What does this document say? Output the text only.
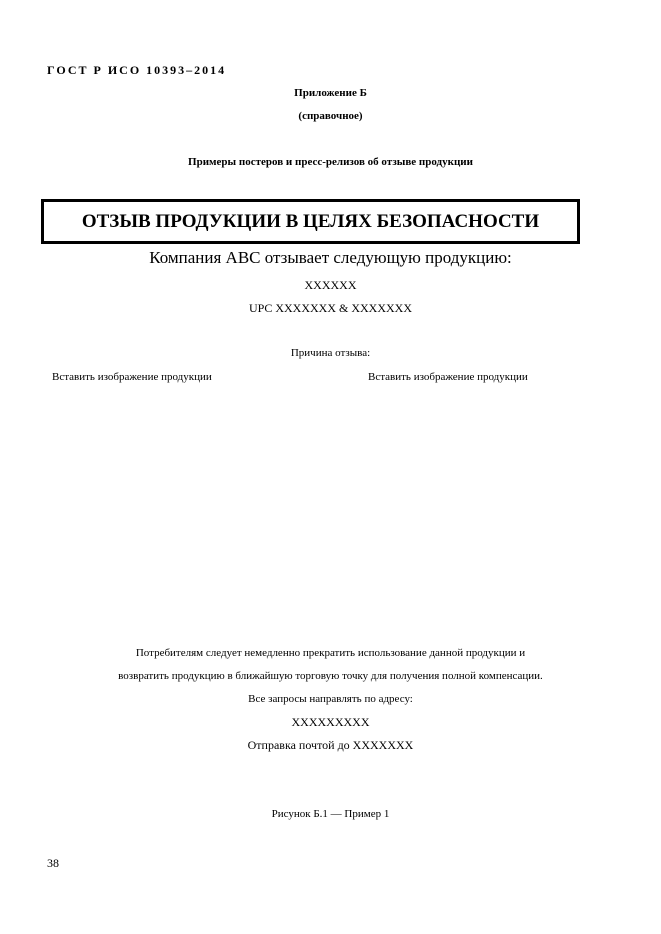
ГОСТ Р ИСО 10393–2014
Приложение Б
(справочное)
Примеры постеров и пресс-релизов об отзыве продукции
ОТЗЫВ ПРОДУКЦИИ В ЦЕЛЯХ БЕЗОПАСНОСТИ
Компания АВС отзывает следующую продукцию:
XXXXXX
UPC XXXXXXX & XXXXXXX
Причина отзыва:
Вставить изображение продукции	Вставить изображение продукции
Потребителям следует немедленно прекратить использование данной продукции и
возвратить продукцию в ближайшую торговую точку для получения полной компенсации.
Все запросы направлять по адресу:
XXXXXXXXX
Отправка почтой до XXXXXXX
Рисунок Б.1 — Пример 1
38
